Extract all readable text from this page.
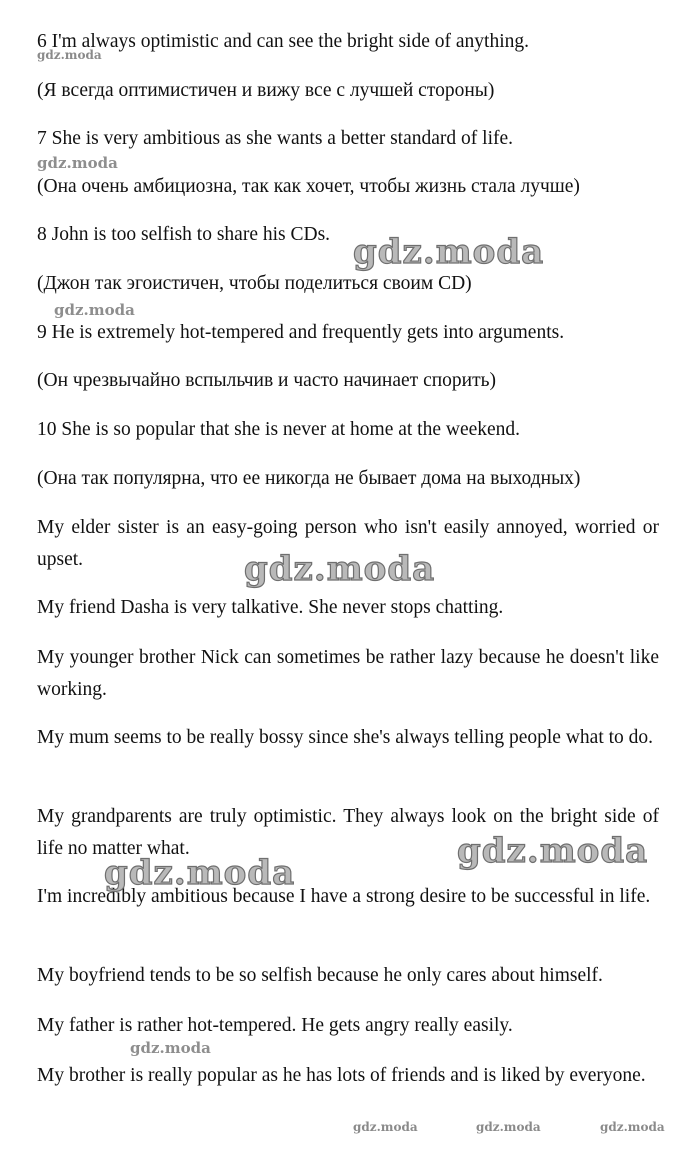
6 I'm always optimistic and can see the bright side of anything.

(Я всегда оптимистичен и вижу все с лучшей стороны)

7 She is very ambitious as she wants a better standard of life.

(Она очень амбициозна, так как хочет, чтобы жизнь стала лучше)

8 John is too selfish to share his CDs.

(Джон так эгоистичен, чтобы поделиться своим CD)

9 He is extremely hot-tempered and frequently gets into arguments.

(Он чрезвычайно вспыльчив и часто начинает спорить)

10 She is so popular that she is never at home at the weekend.

(Она так популярна, что ее никогда не бывает дома на выходных)

My elder sister is an easy-going person who isn't easily annoyed, worried or upset.

My friend Dasha is very talkative. She never stops chatting.

My younger brother Nick can sometimes be rather lazy because he doesn't like working.

My mum seems to be really bossy since she's always telling people what to do.

My grandparents are truly optimistic. They always look on the bright side of life no matter what.

I'm incredibly ambitious because I have a strong desire to be successful in life.

My boyfriend tends to be so selfish because he only cares about himself.

My father is rather hot-tempered. He gets angry really easily.

My brother is really popular as he has lots of friends and is liked by everyone.

gdz.moda
gdz.moda
gdz.moda
gdz.moda
gdz.moda
gdz.moda
gdz.moda
gdz.moda
gdz.moda	gdz.moda	gdz.moda
